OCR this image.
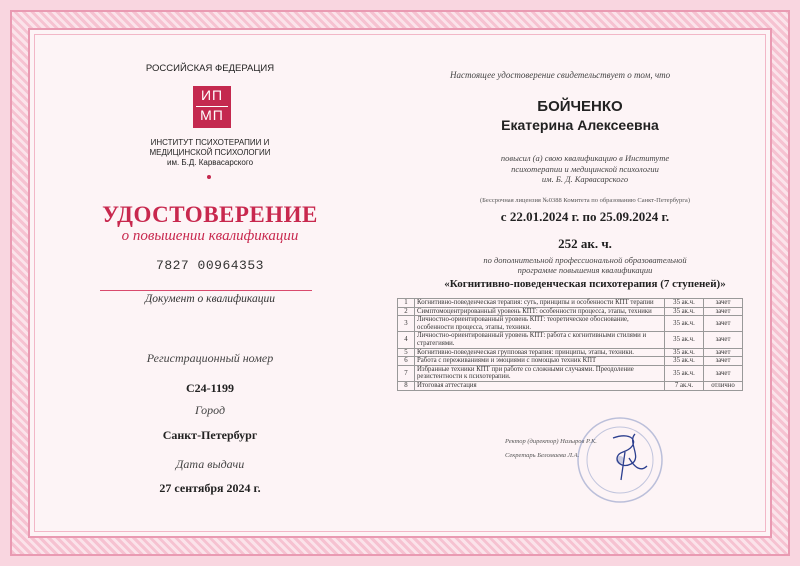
РОССИЙСКАЯ ФЕДЕРАЦИЯ
ИП
МП
ИНСТИТУТ ПСИХОТЕРАПИИ И
МЕДИЦИНСКОЙ ПСИХОЛОГИИ
им. Б.Д. Карвасарского
УДОСТОВЕРЕНИЕ
о повышении квалификации
7827 00964353
Документ о квалификации
Регистрационный номер
С24-1199
Город
Санкт-Петербург
Дата выдачи
27 сентября 2024 г.
Настоящее удостоверение свидетельствует о том, что
БОЙЧЕНКО
Екатерина Алексеевна
повысил (а) свою квалификацию в Институте
психотерапии и медицинской психологии
им. Б. Д. Карвасарского
(Бессрочная лицензия №0388 Комитета по образованию Санкт-Петербурга)
с 22.01.2024 г. по 25.09.2024 г.
252 ак. ч.
по дополнительной профессиональной образовательной
программе повышения квалификации
«Когнитивно-поведенческая психотерапия (7 ступеней)»
1	Когнитивно-поведенческая терапия: суть, принципы и особенности КПТ терапии	35 ак.ч.	зачет
2	Симптомоцентрированный уровень КПТ: особенности процесса, этапы, техники	35 ак.ч.	зачет
3	Личностно-ориентированный уровень КПТ: теоретическое обоснование, особенности процесса, этапы, техники.	35 ак.ч.	зачет
4	Личностно-ориентированный уровень КПТ: работа с когнитивными стилями и стратегиями.	35 ак.ч.	зачет
5	Когнитивно-поведенческая групповая терапия: принципы, этапы, техники.	35 ак.ч.	зачет
6	Работа с переживаниями и эмоциями с помощью техник КПТ	35 ак.ч.	зачет
7	Избранные техники КПТ при работе со сложными случаями. Преодоление резистентности к психотерапии.	35 ак.ч.	зачет
8	Итоговая аттестация	7 ак.ч.	отлично
Ректор (директор) Назыров Р.К.
Секретарь Беломаева Л.А.
